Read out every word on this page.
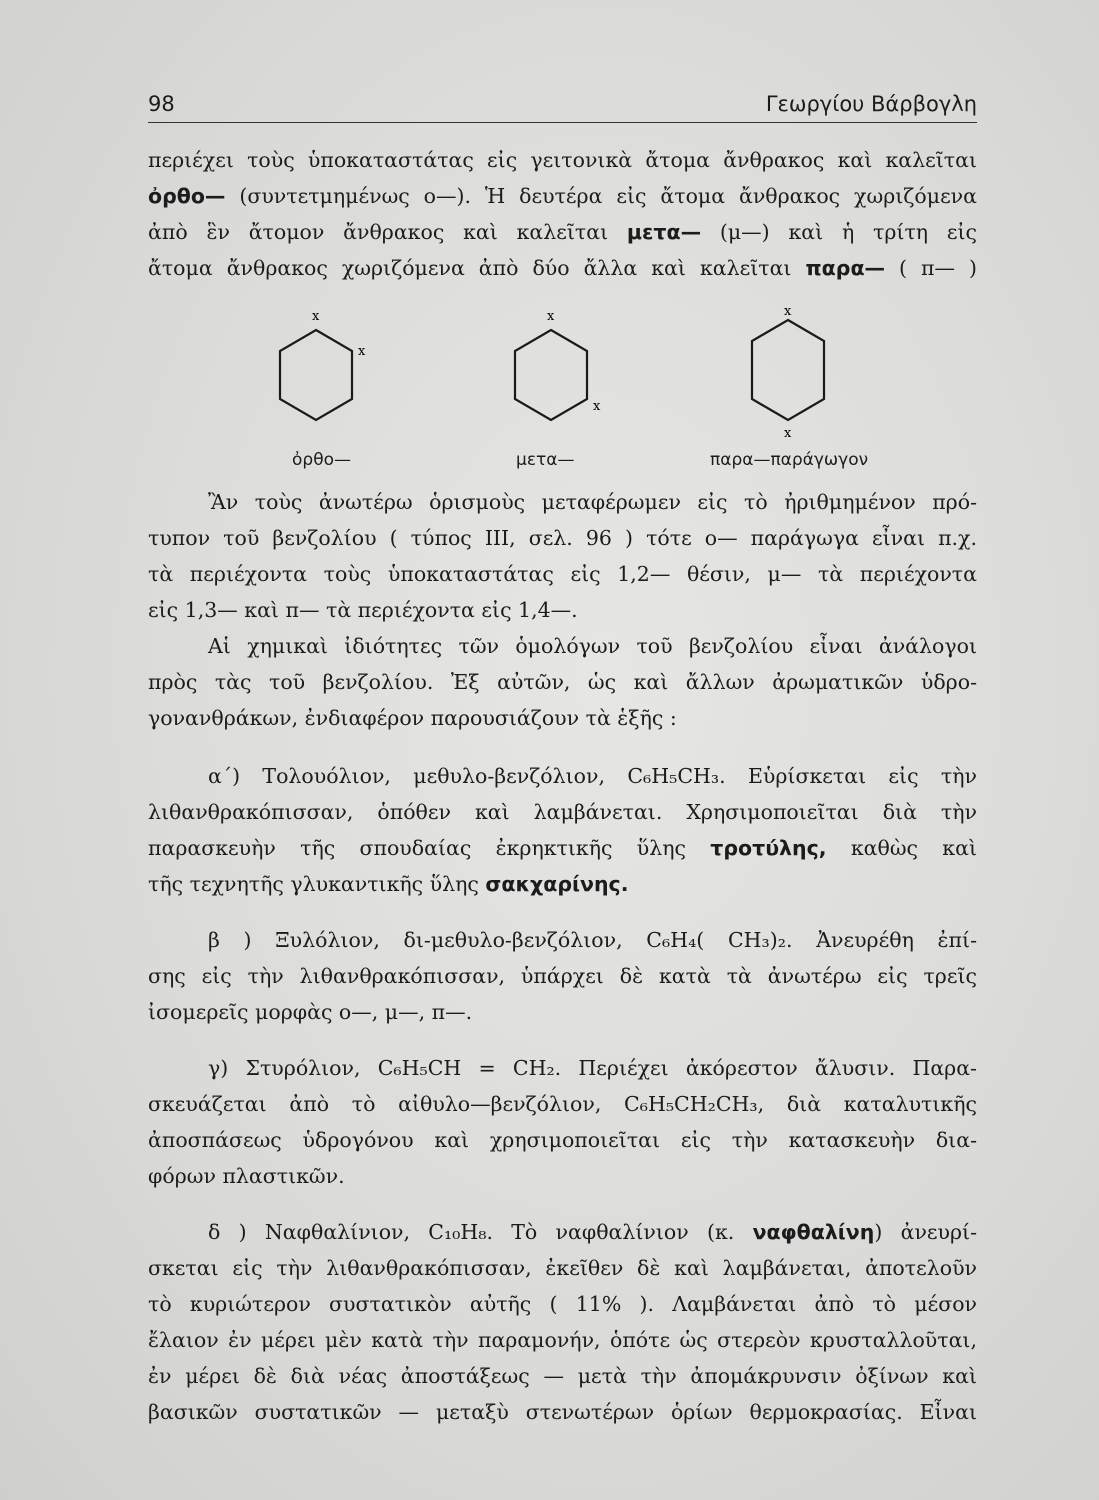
98	Γεωργίου Βάρβογλη
περιέχει τοὺς ὑποκαταστάτας εἰς γειτονικὰ ἄτομα ἄνθρακος καὶ καλεῖται
ὀρθο— (συντετμημένως ο—). Ἡ δευτέρα εἰς ἄτομα ἄνθρακος χωριζόμενα
ἀπὸ ἓν ἄτομον ἄνθρακος καὶ καλεῖται μετα— (μ—) καὶ ἡ τρίτη εἰς
ἄτομα ἄνθρακος χωριζόμενα ἀπὸ δύο ἄλλα καὶ καλεῖται παρα— ( π— )
x
x
x
x
x
x
ὀρθο—	μετα—	παρα—παράγωγον
Ἂν τοὺς ἀνωτέρω ὁρισμοὺς μεταφέρωμεν εἰς τὸ ἠριθμημένον πρό-
τυπον τοῦ βενζολίου ( τύπος ΙΙΙ, σελ. 96 ) τότε ο— παράγωγα εἶναι π.χ.
τὰ περιέχοντα τοὺς ὑποκαταστάτας εἰς 1,2— θέσιν, μ— τὰ περιέχοντα
εἰς 1,3— καὶ π— τὰ περιέχοντα εἰς 1,4—.
Αἱ χημικαὶ ἰδιότητες τῶν ὁμολόγων τοῦ βενζολίου εἶναι ἀνάλογοι
πρὸς τὰς τοῦ βενζολίου. Ἐξ αὐτῶν, ὡς καὶ ἄλλων ἀρωματικῶν ὑδρο-
γονανθράκων, ἐνδιαφέρον παρουσιάζουν τὰ ἑξῆς :
α΄) Τολουόλιον, μεθυλο-βενζόλιον, C₆H₅CH₃. Εὑρίσκεται εἰς τὴν
λιθανθρακόπισσαν, ὁπόθεν καὶ λαμβάνεται. Χρησιμοποιεῖται διὰ τὴν
παρασκευὴν τῆς σπουδαίας ἐκρηκτικῆς ὕλης τροτύλης, καθὼς καὶ
τῆς τεχνητῆς γλυκαντικῆς ὕλης σακχαρίνης.
β ) Ξυλόλιον, δι-μεθυλο-βενζόλιον, C₆H₄( CH₃)₂. Ἀνευρέθη ἐπί-
σης εἰς τὴν λιθανθρακόπισσαν, ὑπάρχει δὲ κατὰ τὰ ἀνωτέρω εἰς τρεῖς
ἰσομερεῖς μορφὰς ο—, μ—, π—.
γ) Στυρόλιον, C₆H₅CH = CH₂. Περιέχει ἀκόρεστον ἄλυσιν. Παρα-
σκευάζεται ἀπὸ τὸ αἰθυλο—βενζόλιον, C₆H₅CH₂CH₃, διὰ καταλυτικῆς
ἀποσπάσεως ὑδρογόνου καὶ χρησιμοποιεῖται εἰς τὴν κατασκευὴν δια-
φόρων πλαστικῶν.
δ ) Ναφθαλίνιον, C₁₀H₈. Τὸ ναφθαλίνιον (κ. ναφθαλίνη) ἀνευρί-
σκεται εἰς τὴν λιθανθρακόπισσαν, ἐκεῖθεν δὲ καὶ λαμβάνεται, ἀποτελοῦν
τὸ κυριώτερον συστατικὸν αὐτῆς ( 11% ). Λαμβάνεται ἀπὸ τὸ μέσον
ἔλαιον ἐν μέρει μὲν κατὰ τὴν παραμονήν, ὁπότε ὡς στερεὸν κρυσταλλοῦται,
ἐν μέρει δὲ διὰ νέας ἀποστάξεως — μετὰ τὴν ἀπομάκρυνσιν ὀξίνων καὶ
βασικῶν συστατικῶν — μεταξὺ στενωτέρων ὁρίων θερμοκρασίας. Εἶναι
